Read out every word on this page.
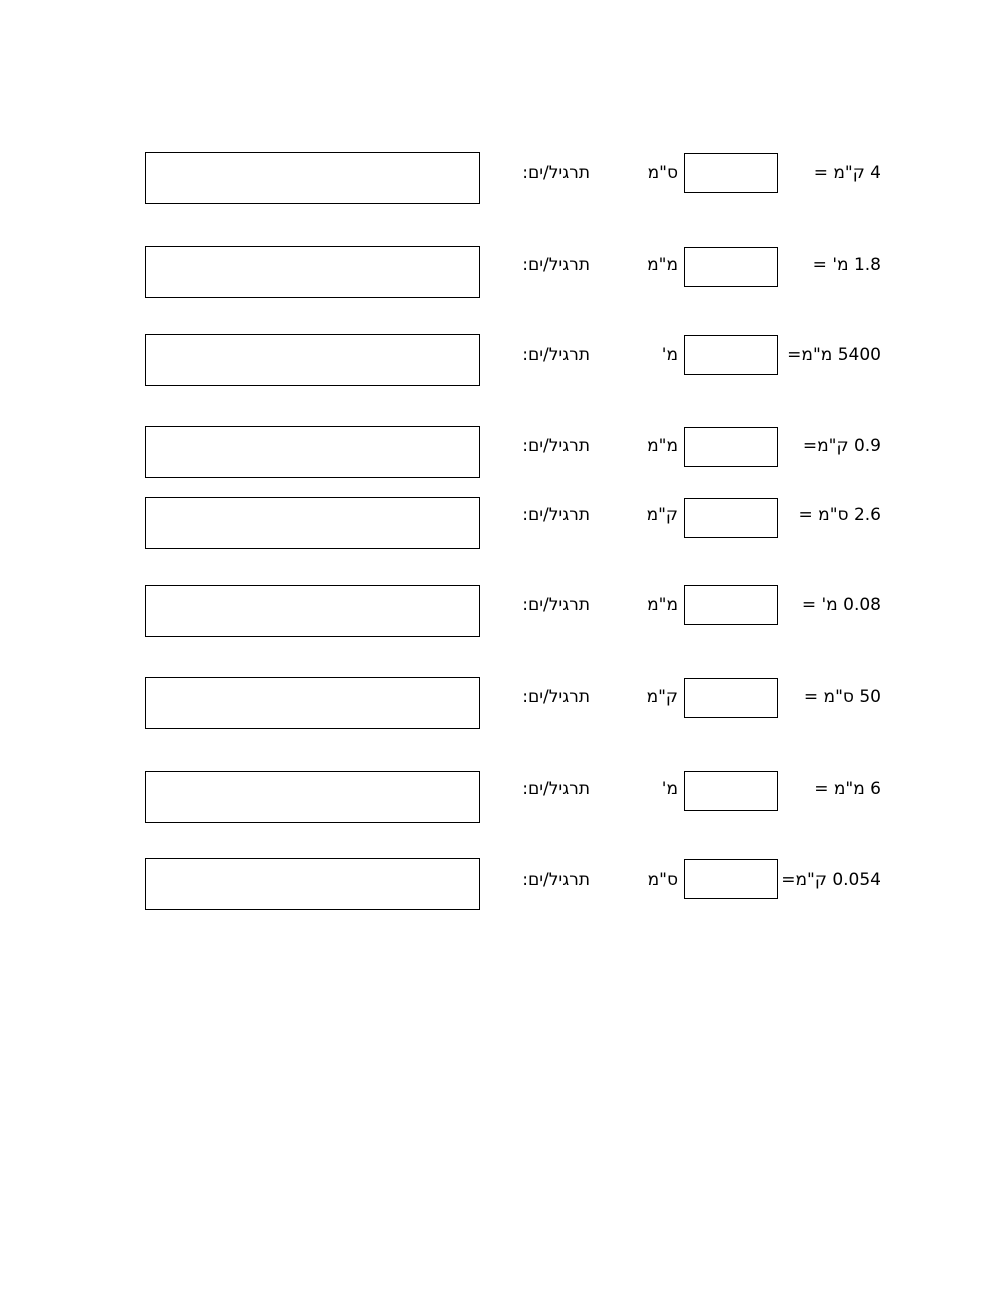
4 ק"מ =
ס"מ
תרגיל/ים:
1.8 מ' =
מ"מ
תרגיל/ים:
5400 מ"מ=
מ'
תרגיל/ים:
0.9 ק"מ=
מ"מ
תרגיל/ים:
2.6 ס"מ =
ק"מ
תרגיל/ים:
0.08 מ' =
מ"מ
תרגיל/ים:
50 ס"מ =
ק"מ
תרגיל/ים:
6 מ"מ =
מ'
תרגיל/ים:
0.054 ק"מ=
ס"מ
תרגיל/ים:
